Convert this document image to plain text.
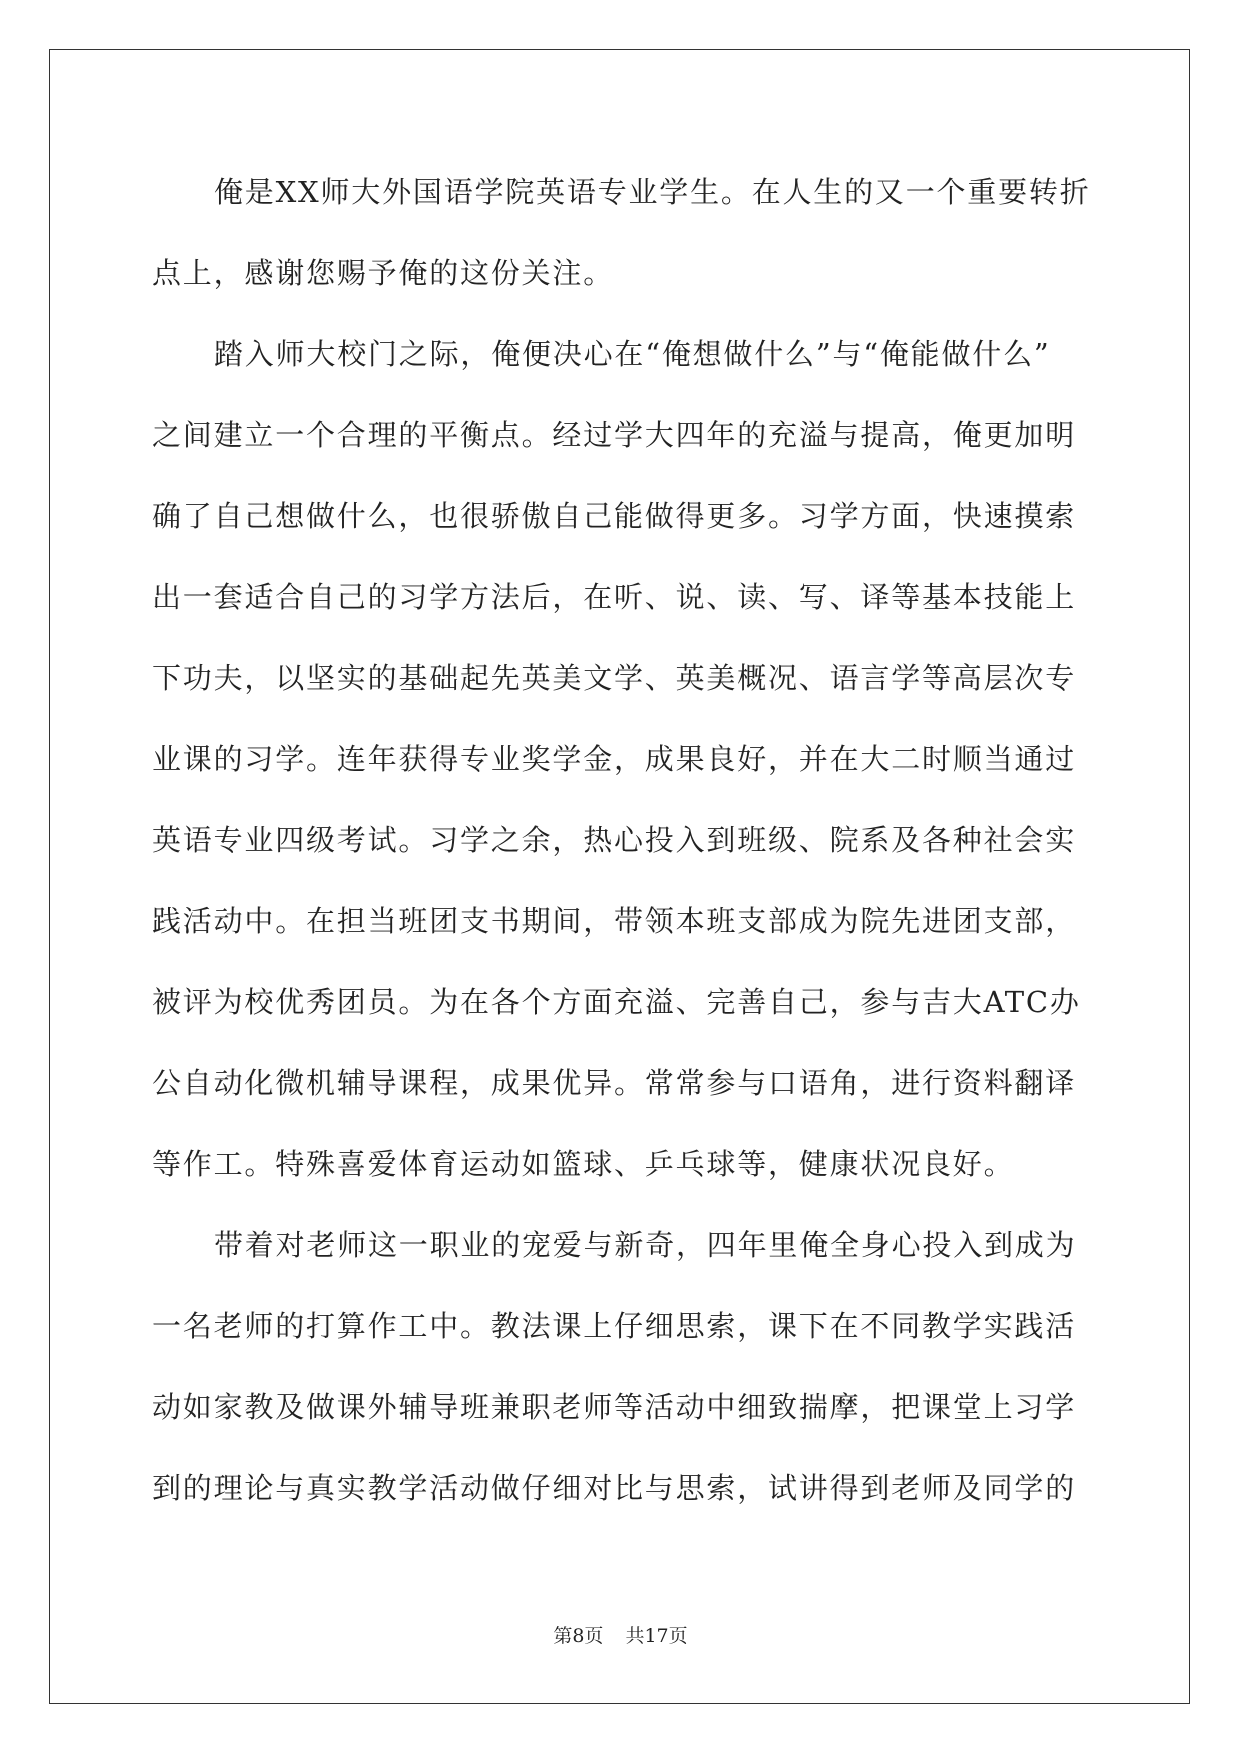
俺是XX师大外国语学院英语专业学生。在人生的又一个重要转折
点上，感谢您赐予俺的这份关注。
踏入师大校门之际，俺便决心在“俺想做什么”与“俺能做什么”
之间建立一个合理的平衡点。经过学大四年的充溢与提高，俺更加明
确了自己想做什么，也很骄傲自己能做得更多。习学方面，快速摸索
出一套适合自己的习学方法后，在听、说、读、写、译等基本技能上
下功夫，以坚实的基础起先英美文学、英美概况、语言学等高层次专
业课的习学。连年获得专业奖学金，成果良好，并在大二时顺当通过
英语专业四级考试。习学之余，热心投入到班级、院系及各种社会实
践活动中。在担当班团支书期间，带领本班支部成为院先进团支部，
被评为校优秀团员。为在各个方面充溢、完善自己，参与吉大ATC办
公自动化微机辅导课程，成果优异。常常参与口语角，进行资料翻译
等作工。特殊喜爱体育运动如篮球、乒乓球等，健康状况良好。
带着对老师这一职业的宠爱与新奇，四年里俺全身心投入到成为
一名老师的打算作工中。教法课上仔细思索，课下在不同教学实践活
动如家教及做课外辅导班兼职老师等活动中细致揣摩，把课堂上习学
到的理论与真实教学活动做仔细对比与思索，试讲得到老师及同学的
第8页 共17页
